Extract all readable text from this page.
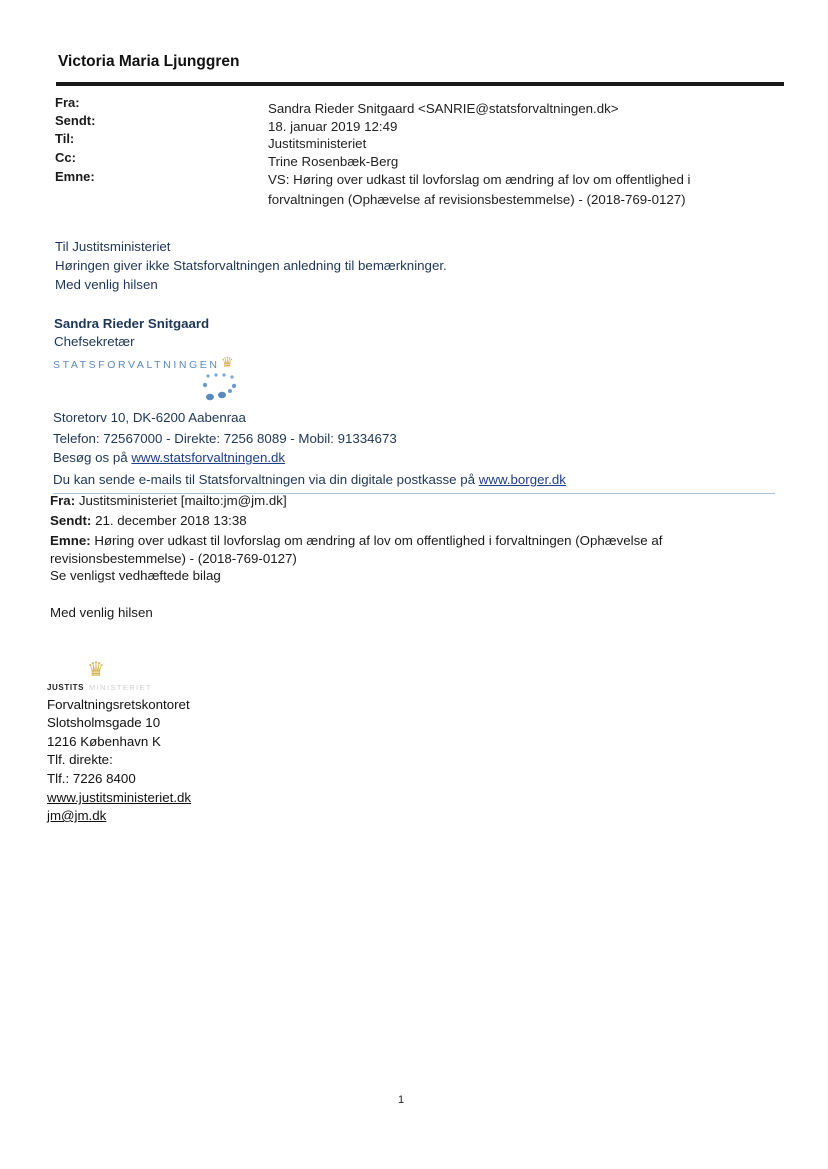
Victoria Maria Ljunggren
Fra:	Sandra Rieder Snitgaard <SANRIE@statsforvaltningen.dk>
Sendt:	18. januar 2019 12:49
Til:	Justitsministeriet
Cc:	Trine Rosenbæk-Berg
Emne:	VS: Høring over udkast til lovforslag om ændring af lov om offentlighed i
forvaltningen (Ophævelse af revisionsbestemmelse) - (2018-769-0127)
Til Justitsministeriet
Høringen giver ikke Statsforvaltningen anledning til bemærkninger.
Med venlig hilsen
Sandra Rieder Snitgaard
Chefsekretær
STATSFORVALTNINGEN ♛
Storetorv 10, DK-6200 Aabenraa
Telefon: 72567000 - Direkte: 7256 8089 - Mobil: 91334673
Besøg os på www.statsforvaltningen.dk
Du kan sende e-mails til Statsforvaltningen via din digitale postkasse på www.borger.dk
Fra: Justitsministeriet [mailto:jm@jm.dk]
Sendt: 21. december 2018 13:38
Emne: Høring over udkast til lovforslag om ændring af lov om offentlighed i forvaltningen (Ophævelse af
revisionsbestemmelse) - (2018-769-0127)
Se venligst vedhæftede bilag
Med venlig hilsen
♛
JUSTITS MINISTERIET
Forvaltningsretskontoret
Slotsholmsgade 10
1216 København K
Tlf. direkte:
Tlf.: 7226 8400
www.justitsministeriet.dk
jm@jm.dk
1
